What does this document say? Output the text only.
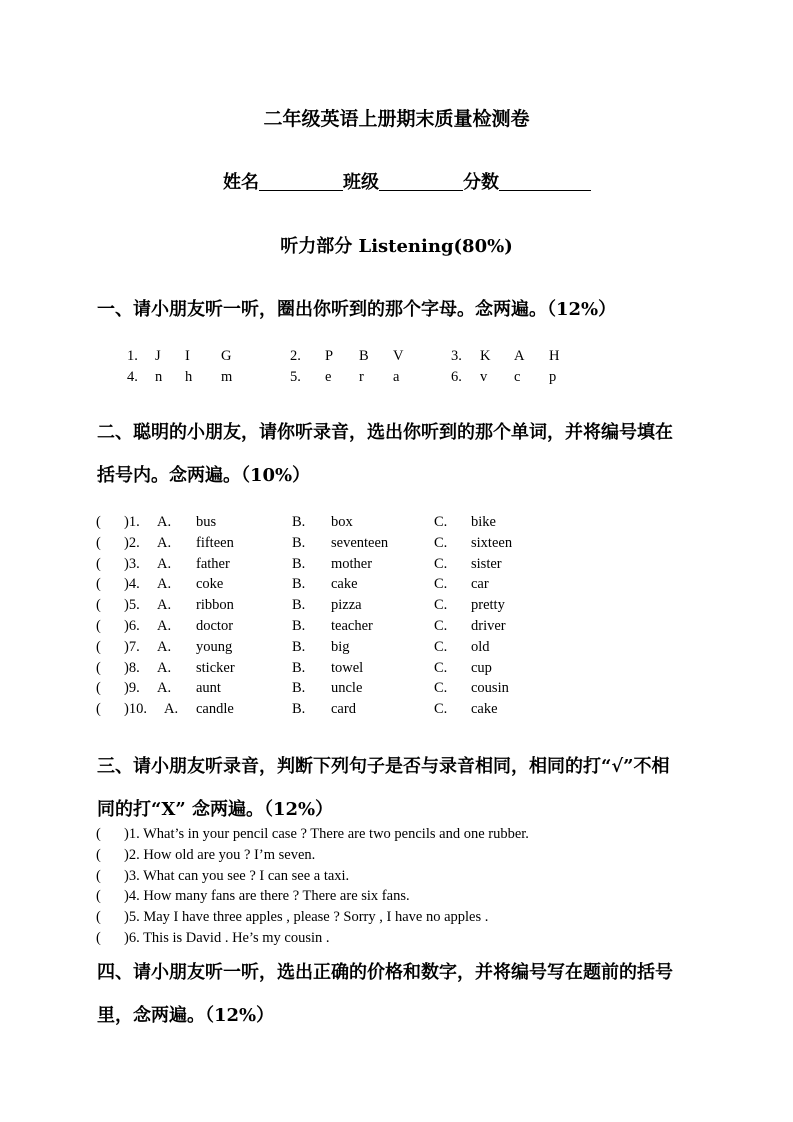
二年级英语上册期末质量检测卷
姓名	班级	分数
听力部分 Listening(80%)
一、请小朋友听一听，圈出你听到的那个字母。念两遍。（12%）
1. J I G	2. P B V	3. K A H
4. n h m	5. e r a	6. v c p
二、聪明的小朋友，请你听录音，选出你听到的那个单词，并将编号填在
括号内。念两遍。（10%）
( )1. A. bus	B. box	C. bike
( )2. A. fifteen	B. seventeen	C. sixteen
( )3. A. father	B. mother	C. sister
( )4. A. coke	B. cake	C. car
( )5. A. ribbon	B. pizza	C. pretty
( )6. A. doctor	B. teacher	C. driver
( )7. A. young	B. big	C. old
( )8. A. sticker	B. towel	C. cup
( )9. A. aunt	B. uncle	C. cousin
( )10. A. candle	B. card	C. cake
三、请小朋友听录音，判断下列句子是否与录音相同，相同的打“√”不相
同的打“X” 念两遍。（12%）
( )1. What’s in your pencil case ? There are two pencils and one rubber.
( )2. How old are you ? I’m seven.
( )3. What can you see ? I can see a taxi.
( )4. How many fans are there ? There are six fans.
( )5. May I have three apples , please ? Sorry , I have no apples .
( )6. This is David . He’s my cousin .
四、请小朋友听一听，选出正确的价格和数字，并将编号写在题前的括号
里，念两遍。（12%）
